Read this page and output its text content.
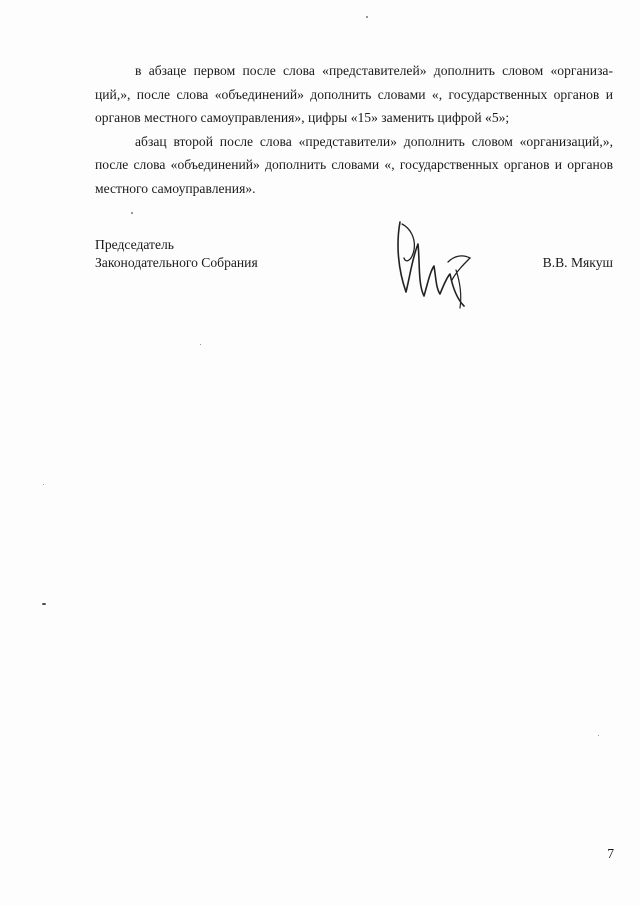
в абзаце первом после слова «представителей» дополнить словом «организа-ций,», после слова «объединений» дополнить словами «, государственных органов и органов местного самоуправления», цифры «15» заменить цифрой «5»;

абзац второй после слова «представители» дополнить словом «организаций,», после слова «объединений» дополнить словами «, государственных органов и органов местного самоуправления».

Председатель
Законодательного Собрания	В.В. Мякуш
7
